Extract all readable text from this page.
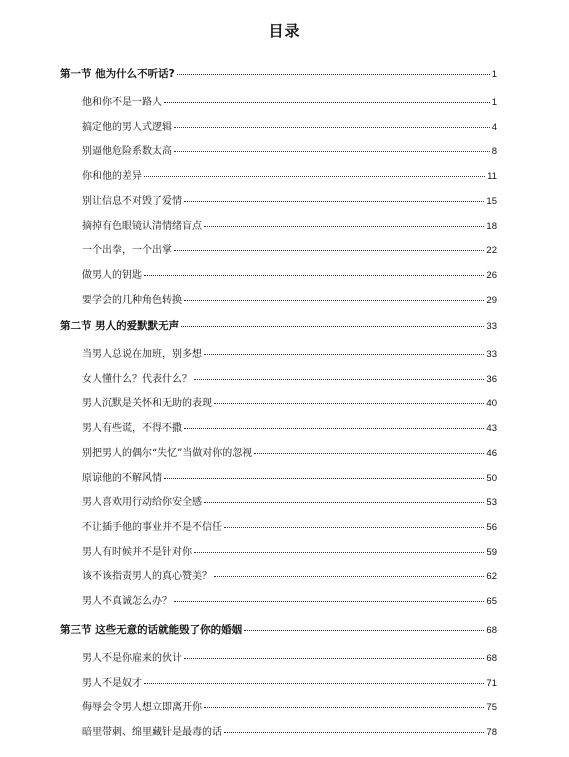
目录
第一节 他为什么不听话?	1
他和你不是一路人	1
搞定他的男人式逻辑	4
别逼他危险系数太高	8
你和他的差异	11
别让信息不对毁了爱情	15
摘掉有色眼镜认清情绪盲点	18
一个出拳，一个出掌	22
做男人的钥匙	26
要学会的几种角色转换	29
第二节 男人的爱默默无声	33
当男人总说在加班，别多想	33
女人懂什么？代表什么？	36
男人沉默是关怀和无助的表现	40
男人有些谎，不得不撒	43
别把男人的偶尔“失忆”当做对你的忽视	46
原谅他的不解风情	50
男人喜欢用行动给你安全感	53
不让插手他的事业并不是不信任	56
男人有时候并不是针对你	59
该不该指责男人的真心赞美？	62
男人不真诚怎么办？	65
第三节 这些无意的话就能毁了你的婚姻	68
男人不是你雇来的伙计	68
男人不是奴才	71
侮辱会令男人想立即离开你	75
暗里带刺、绵里藏针是最毒的话	78
